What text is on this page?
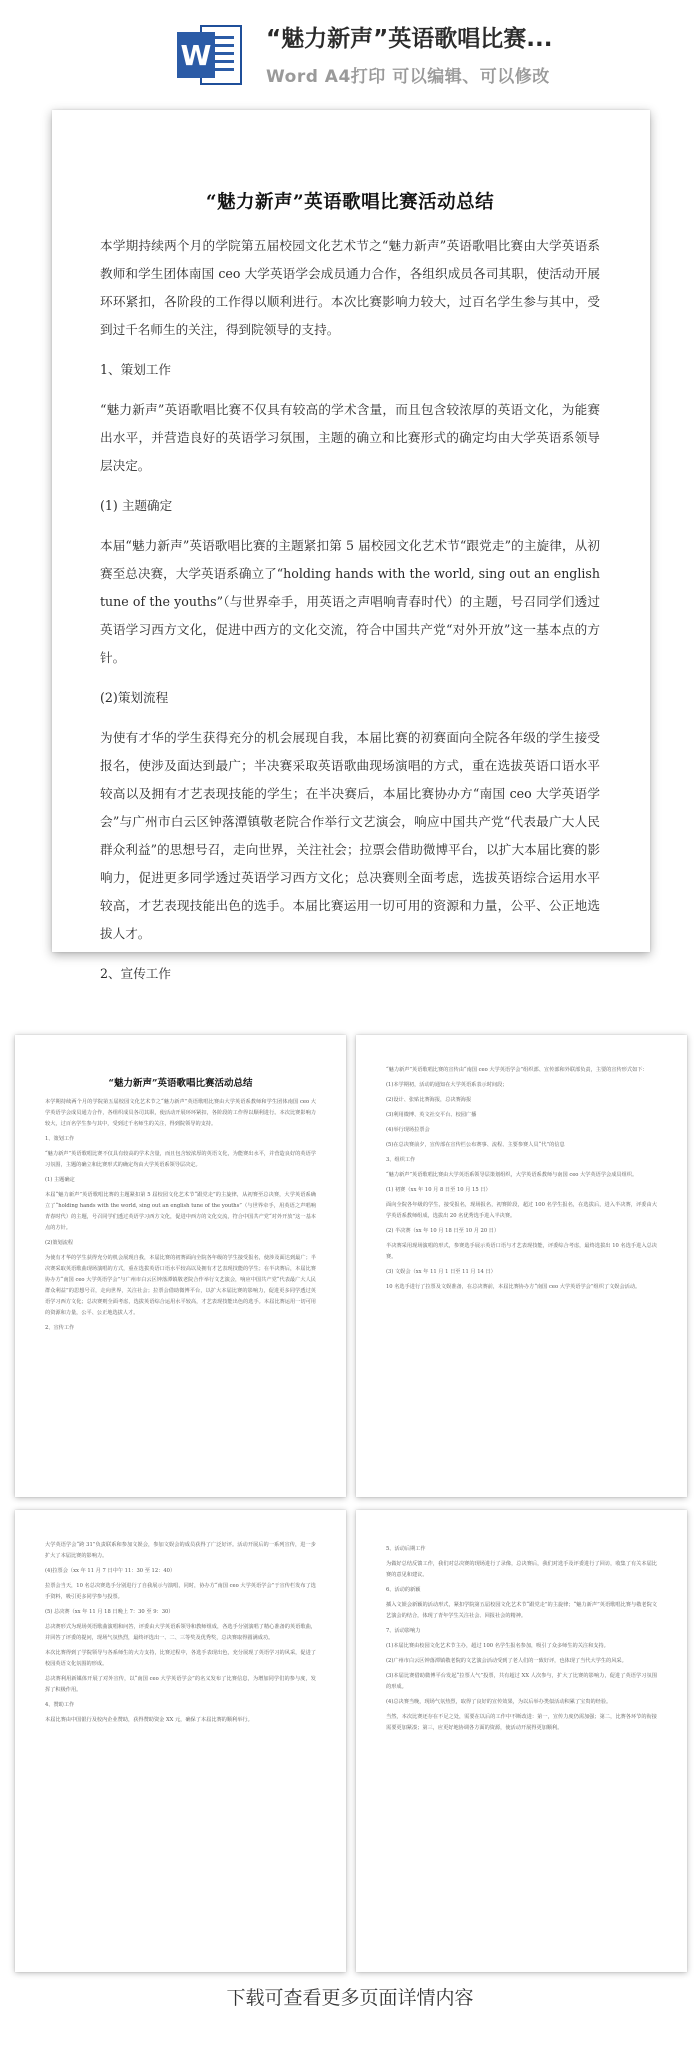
W “魅力新声”英语歌唱比赛...
Word A4打印 可以编辑、可以修改
“魅力新声”英语歌唱比赛活动总结

本学期持续两个月的学院第五届校园文化艺术节之“魅力新声”英语歌唱比赛由大学英语系教师和学生团体南国 ceo 大学英语学会成员通力合作，各组织成员各司其职，使活动开展环环紧扣，各阶段的工作得以顺利进行。本次比赛影响力较大，过百名学生参与其中，受到过千名师生的关注，得到院领导的支持。

1、策划工作

“魅力新声”英语歌唱比赛不仅具有较高的学术含量，而且包含较浓厚的英语文化，为能赛出水平，并营造良好的英语学习氛围，主题的确立和比赛形式的确定均由大学英语系领导层决定。

(1) 主题确定

本届“魅力新声”英语歌唱比赛的主题紧扣第 5 届校园文化艺术节“跟党走”的主旋律，从初赛至总决赛，大学英语系确立了“holding hands with the world, sing out an english tune of the youths”（与世界牵手，用英语之声唱响青春时代）的主题，号召同学们透过英语学习西方文化，促进中西方的文化交流，符合中国共产党“对外开放”这一基本点的方针。

(2)策划流程

为使有才华的学生获得充分的机会展现自我，本届比赛的初赛面向全院各年级的学生接受报名，使涉及面达到最广；半决赛采取英语歌曲现场演唱的方式，重在选拔英语口语水平较高以及拥有才艺表现技能的学生；在半决赛后，本届比赛协办方“南国 ceo 大学英语学会”与广州市白云区钟落潭镇敬老院合作举行文艺演会，响应中国共产党“代表最广大人民群众利益”的思想号召，走向世界，关注社会；拉票会借助微博平台，以扩大本届比赛的影响力，促进更多同学透过英语学习西方文化；总决赛则全面考虑，选拔英语综合运用水平较高，才艺表现技能出色的选手。本届比赛运用一切可用的资源和力量，公平、公正地选拔人才。

2、宣传工作

“魅力新声”英语歌唱比赛活动总结

本学期持续两个月的学院第五届校园文化艺术节之“魅力新声”英语歌唱比赛由大学英语系教师和学生团体南国 ceo 大学英语学会成员通力合作，各组织成员各司其职，使活动开展环环紧扣，各阶段的工作得以顺利进行。本次比赛影响力较大，过百名学生参与其中，受到过千名师生的关注，得到院领导的支持。

1、策划工作

“魅力新声”英语歌唱比赛不仅具有较高的学术含量，而且包含较浓厚的英语文化，为能赛出水平，并营造良好的英语学习氛围，主题的确立和比赛形式的确定均由大学英语系领导层决定。

(1) 主题确定

本届“魅力新声”英语歌唱比赛的主题紧扣第 5 届校园文化艺术节“跟党走”的主旋律，从初赛至总决赛，大学英语系确立了“holding hands with the world, sing out an english tune of the youths”（与世界牵手，用英语之声唱响青春时代）的主题，号召同学们透过英语学习西方文化，促进中西方的文化交流，符合中国共产党“对外开放”这一基本点的方针。

(2)策划流程

为使有才华的学生获得充分的机会展现自我，本届比赛的初赛面向全院各年级的学生接受报名，使涉及面达到最广；半决赛采取英语歌曲现场演唱的方式，重在选拔英语口语水平较高以及拥有才艺表现技能的学生；在半决赛后，本届比赛协办方“南国 ceo 大学英语学会”与广州市白云区钟落潭镇敬老院合作举行文艺演会，响应中国共产党“代表最广大人民群众利益”的思想号召，走向世界，关注社会；拉票会借助微博平台，以扩大本届比赛的影响力，促进更多同学透过英语学习西方文化；总决赛则全面考虑，选拔英语综合运用水平较高，才艺表现技能出色的选手。本届比赛运用一切可用的资源和力量，公平、公正地选拔人才。

2、宣传工作

“魅力新声”英语歌唱比赛的宣传由“南国 ceo 大学英语学会”组织部、宣传部和外联部负责，主要的宣传形式如下：

(1)本学期初，活动的通知在大学英语系表示时间段；

(2)设计、张贴比赛海报，总决赛海报

(3)利用微博、英文社交平台、校园广播

(4)举行现场拉票会

(5)在总决赛前夕，宣传部在宣传栏公布赛事、流程、主要参赛人员“代”的信息

3、组织工作

“魅力新声”英语歌唱比赛由大学英语系领导层策划组织，大学英语系教师与南国 ceo 大学英语学会成员组织。

(1) 初赛（xx 年 10 月 8 日至 10 月 15 日）

面向全院各年级的学生，接受报名，现场报名，初赛阶段，超过 100 名学生报名，在选拔后，进入半决赛，评委由大学英语系教师组成，选拔出 20 名优秀选手进入半决赛。

(2) 半决赛（xx 年 10 月 18 日至 10 月 20 日）

半决赛采用现场演唱的形式，参赛选手展示英语口语与才艺表现技能，评委综合考虑，最终选拔出 10 名选手进入总决赛。

(3) 文娱会（xx 年 11 月 1 日至 11 月 14 日）

10 名选手进行了拉票及文娱准备，在总决赛前，本届比赛协办方“南国 ceo 大学英语学会”组织了文娱会活动。

大学英语学会“跨 31”负责联系和参加文娱会，参加文娱会的成员获得了广泛好评。活动开展后的一系列宣传，进一步扩大了本届比赛的影响力。

(4)拉票会（xx 年 11 月 7 日中午 11：30 至 12：40）

拉票会当天，10 名总决赛选手分别进行了自我展示与演唱，同时，协办方“南国 ceo 大学英语学会”于宣传栏发布了选手资料，吸引更多同学参与投票。

(5) 总决赛（xx 年 11 月 18 日晚上 7：30 至 9：30）

总决赛形式为现场英语歌曲演唱和问答，评委由大学英语系领导和教师组成，各选手分别演唱了精心准备的英语歌曲，并回答了评委的提问，现场气氛热烈，最终评选出一、二、三等奖及优秀奖，总决赛取得圆满成功。

本次比赛得到了学院领导与各系师生的大力支持，比赛过程中，各选手表现出色，充分展现了英语学习的风采，促进了校园英语文化氛围的形成。

总决赛利用新媒体开展了对外宣传，以“南国 ceo 大学英语学会”的名义发布了比赛信息，为增加同学们的参与度，发挥了积极作用。

4、赞助工作

本届比赛由中国银行及校内企业赞助，获得赞助资金 XX 元，确保了本届比赛的顺利举行。

5、活动后期工作

为做好总结反馈工作，我们对总决赛的现场进行了录像，总决赛后，我们对选手及评委进行了回访，收集了有关本届比赛的意见和建议。

6、活动的新颖

插入文娱会新颖的活动形式，紧扣学院第五届校园文化艺术节“跟党走”的主旋律；“魅力新声”英语歌唱比赛与敬老院文艺演会的结合，体现了青年学生关注社会、回报社会的精神。

7、活动影响力

(1)本届比赛由校园文化艺术节主办，超过 100 名学生报名参加，吸引了众多师生的关注和支持。

(2)广州市白云区钟落潭镇敬老院的文艺演会活动受到了老人们的一致好评，也体现了当代大学生的风采。

(3)本届比赛借助微博平台发起“拉票人气”投票，共有超过 XX 人次参与，扩大了比赛的影响力，促进了英语学习氛围的形成。

(4)总决赛当晚，现场气氛热烈，取得了良好的宣传效果，为以后举办类似活动积累了宝贵的经验。

当然，本次比赛还存在不足之处，需要在以后的工作中不断改进：第一，宣传力度仍需加强；第二，比赛各环节的衔接需要更加紧凑；第三，应更好地协调各方面的资源，使活动开展得更加顺利。

下载可查看更多页面详情内容
